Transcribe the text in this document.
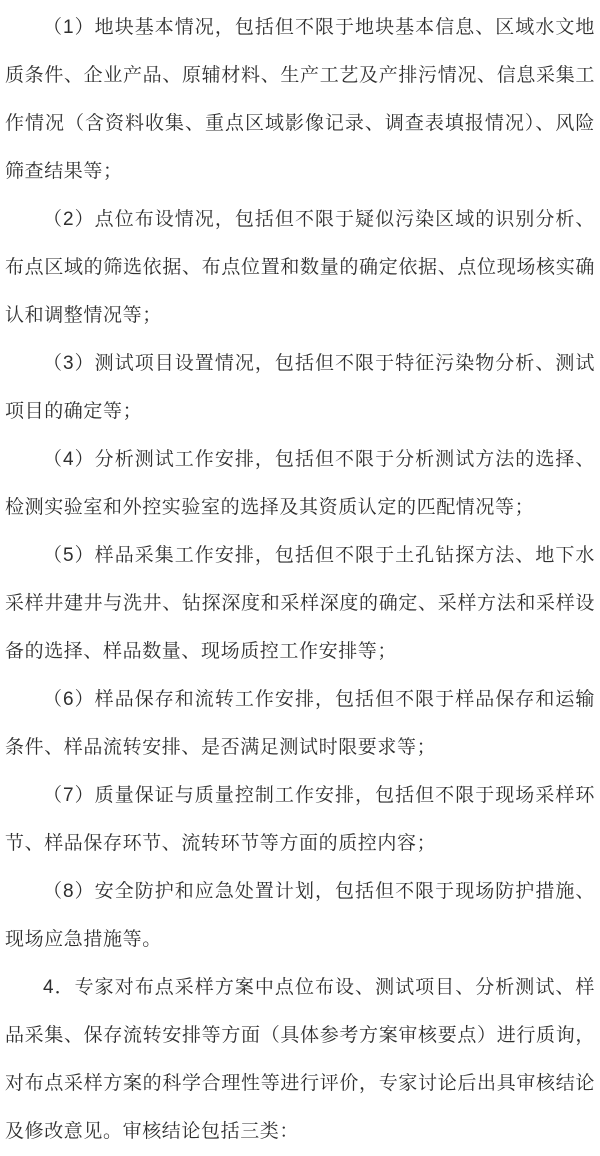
（1）地块基本情况，包括但不限于地块基本信息、区域水文地质条件、企业产品、原辅材料、生产工艺及产排污情况、信息采集工作情况（含资料收集、重点区域影像记录、调查表填报情况）、风险筛查结果等；

（2）点位布设情况，包括但不限于疑似污染区域的识别分析、布点区域的筛选依据、布点位置和数量的确定依据、点位现场核实确认和调整情况等；

（3）测试项目设置情况，包括但不限于特征污染物分析、测试项目的确定等；

（4）分析测试工作安排，包括但不限于分析测试方法的选择、检测实验室和外控实验室的选择及其资质认定的匹配情况等；

（5）样品采集工作安排，包括但不限于土孔钻探方法、地下水采样井建井与洗井、钻探深度和采样深度的确定、采样方法和采样设备的选择、样品数量、现场质控工作安排等；

（6）样品保存和流转工作安排，包括但不限于样品保存和运输条件、样品流转安排、是否满足测试时限要求等；

（7）质量保证与质量控制工作安排，包括但不限于现场采样环节、样品保存环节、流转环节等方面的质控内容；

（8）安全防护和应急处置计划，包括但不限于现场防护措施、现场应急措施等。

4．专家对布点采样方案中点位布设、测试项目、分析测试、样品采集、保存流转安排等方面（具体参考方案审核要点）进行质询，对布点采样方案的科学合理性等进行评价，专家讨论后出具审核结论及修改意见。审核结论包括三类：
